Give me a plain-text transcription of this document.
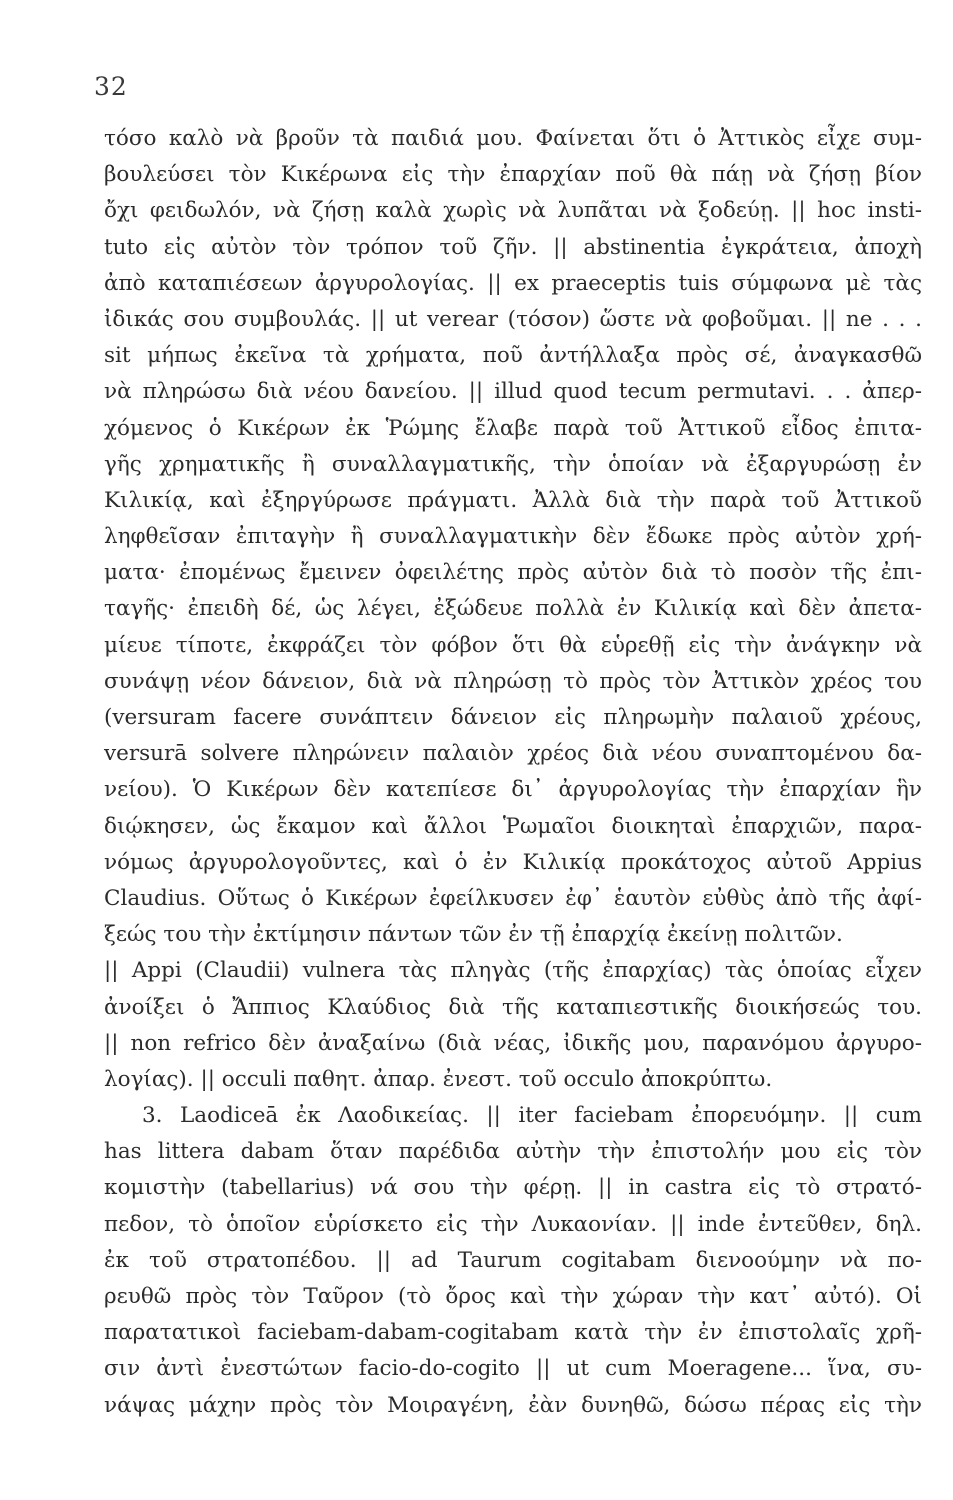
32
τόσο καλὸ νὰ βροῦν τὰ παιδιά μου. Φαίνεται ὅτι ὁ Ἀττικὸς εἶχε συμ-
βουλεύσει τὸν Κικέρωνα εἰς τὴν ἐπαρχίαν ποῦ θὰ πάῃ νὰ ζήσῃ βίον
ὄχι φειδωλόν, νὰ ζήσῃ καλὰ χωρὶς νὰ λυπᾶται νὰ ξοδεύῃ. || hoc insti-
tuto εἰς αὐτὸν τὸν τρόπον τοῦ ζῆν. || abstinentia ἐγκράτεια, ἀποχὴ
ἀπὸ καταπιέσεων ἀργυρολογίας. || ex praeceptis tuis σύμφωνα μὲ τὰς
ἰδικάς σου συμβουλάς. || ut verear (τόσον) ὥστε νὰ φοβοῦμαι. || ne . . .
sit μήπως ἐκεῖνα τὰ χρήματα, ποῦ ἀντήλλαξα πρὸς σέ, ἀναγκασθῶ
νὰ πληρώσω διὰ νέου δανείου. || illud quod tecum permutavi. . . ἀπερ-
χόμενος ὁ Κικέρων ἐκ Ῥώμης ἔλαβε παρὰ τοῦ Ἀττικοῦ εἶδος ἐπιτα-
γῆς χρηματικῆς ἢ συναλλαγματικῆς, τὴν ὁποίαν νὰ ἐξαργυρώσῃ ἐν
Κιλικίᾳ, καὶ ἐξηργύρωσε πράγματι. Ἀλλὰ διὰ τὴν παρὰ τοῦ Ἀττικοῦ
ληφθεῖσαν ἐπιταγὴν ἢ συναλλαγματικὴν δὲν ἔδωκε πρὸς αὐτὸν χρή-
ματα· ἐπομένως ἔμεινεν ὀφειλέτης πρὸς αὐτὸν διὰ τὸ ποσὸν τῆς ἐπι-
ταγῆς· ἐπειδὴ δέ, ὡς λέγει, ἐξώδευε πολλὰ ἐν Κιλικίᾳ καὶ δὲν ἀπετα-
μίευε τίποτε, ἐκφράζει τὸν φόβον ὅτι θὰ εὑρεθῇ εἰς τὴν ἀνάγκην νὰ
συνάψῃ νέον δάνειον, διὰ νὰ πληρώσῃ τὸ πρὸς τὸν Ἀττικὸν χρέος του
(versuram facere συνάπτειν δάνειον εἰς πληρωμὴν παλαιοῦ χρέους,
versurā solvere πληρώνειν παλαιὸν χρέος διὰ νέου συναπτομένου δα-
νείου). Ὁ Κικέρων δὲν κατεπίεσε δι᾽ ἀργυρολογίας τὴν ἐπαρχίαν ἣν
διῴκησεν, ὡς ἔκαμον καὶ ἄλλοι Ῥωμαῖοι διοικηταὶ ἐπαρχιῶν, παρα-
νόμως ἀργυρολογοῦντες, καὶ ὁ ἐν Κιλικίᾳ προκάτοχος αὐτοῦ Appius
Claudius. Οὕτως ὁ Κικέρων ἐφείλκυσεν ἐφ᾽ ἑαυτὸν εὐθὺς ἀπὸ τῆς ἀφί-
ξεώς του τὴν ἐκτίμησιν πάντων τῶν ἐν τῇ ἐπαρχίᾳ ἐκείνῃ πολιτῶν.
|| Appi (Claudii) vulnera τὰς πληγὰς (τῆς ἐπαρχίας) τὰς ὁποίας εἶχεν
ἀνοίξει ὁ Ἄππιος Κλαύδιος διὰ τῆς καταπιεστικῆς διοικήσεώς του.
|| non refrico δὲν ἀναξαίνω (διὰ νέας, ἰδικῆς μου, παρανόμου ἀργυρο-
λογίας). || occuli παθητ. ἀπαρ. ἐνεστ. τοῦ occulo ἀποκρύπτω.
3. Laodiceā ἐκ Λαοδικείας. || iter faciebam ἐπορευόμην. || cum
has littera dabam ὅταν παρέδιδα αὐτὴν τὴν ἐπιστολήν μου εἰς τὸν
κομιστὴν (tabellarius) νά σου τὴν φέρῃ. || in castra εἰς τὸ στρατό-
πεδον, τὸ ὁποῖον εὑρίσκετο εἰς τὴν Λυκαονίαν. || inde ἐντεῦθεν, δηλ.
ἐκ τοῦ στρατοπέδου. || ad Taurum cogitabam διενοούμην νὰ πο-
ρευθῶ πρὸς τὸν Ταῦρον (τὸ ὄρος καὶ τὴν χώραν τὴν κατ᾽ αὐτό). Οἱ
παρατατικοὶ faciebam-dabam-cogitabam κατὰ τὴν ἐν ἐπιστολαῖς χρῆ-
σιν ἀντὶ ἐνεστώτων facio-do-cogito || ut cum Moeragene... ἵνα, συ-
νάψας μάχην πρὸς τὸν Μοιραγένη, ἐὰν δυνηθῶ, δώσω πέρας εἰς τὴν
